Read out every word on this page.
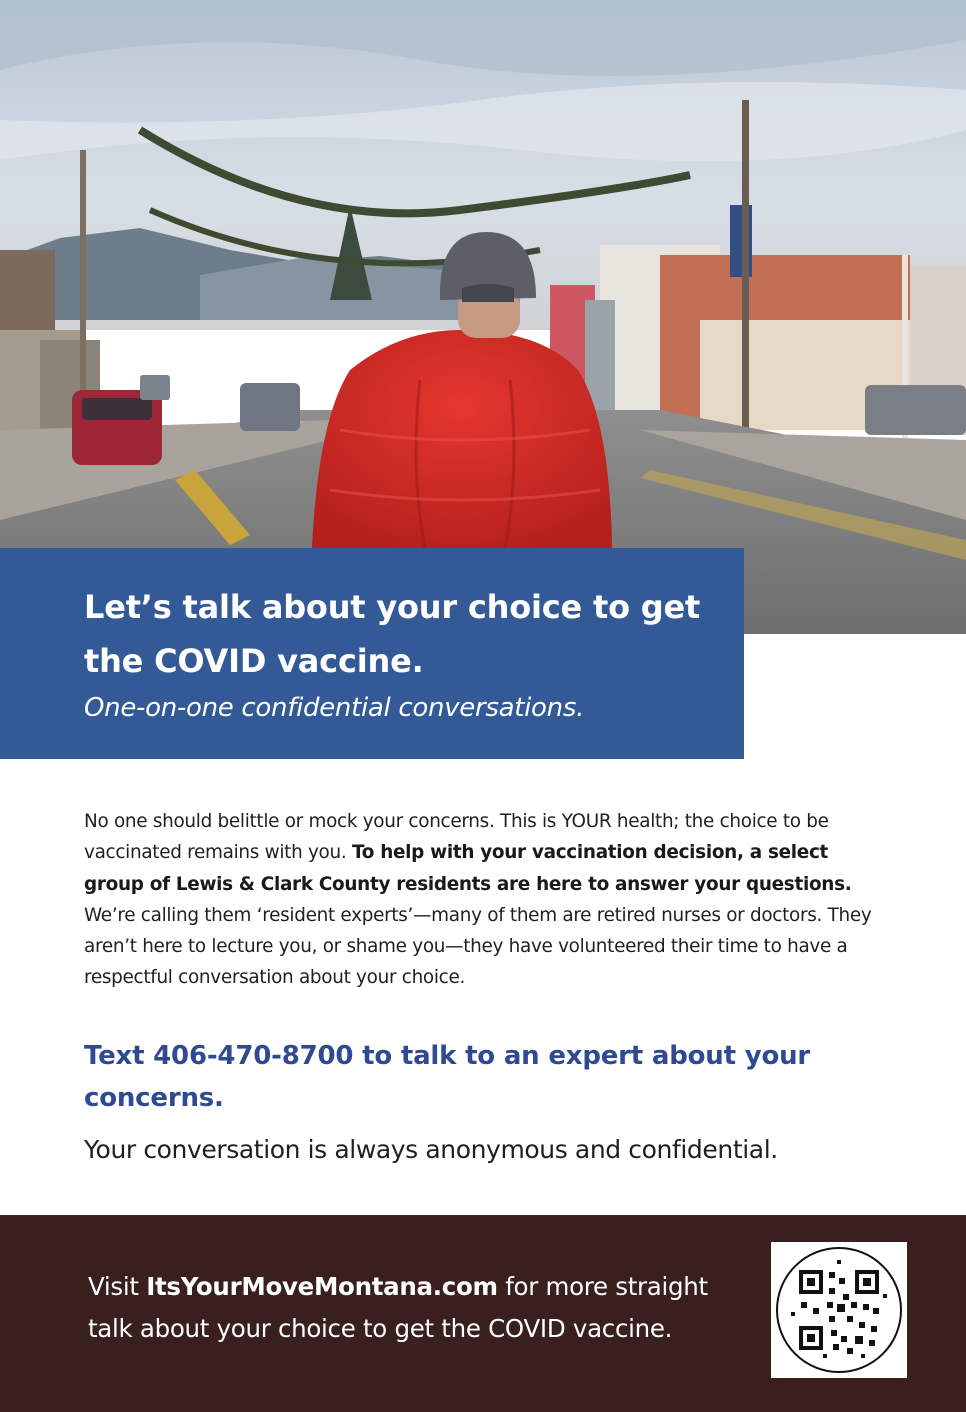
Let’s talk about your choice to get the COVID vaccine.

One-on-one confidential conversations.

No one should belittle or mock your concerns. This is YOUR health; the choice to be vaccinated remains with you. To help with your vaccination decision, a select group of Lewis & Clark County residents are here to answer your questions. We’re calling them ‘resident experts’—many of them are retired nurses or doctors. They aren’t here to lecture you, or shame you—they have volunteered their time to have a respectful conversation about your choice.

Text 406-470-8700 to talk to an expert about your concerns.

Your conversation is always anonymous and confidential.

Visit ItsYourMoveMontana.com for more straight talk about your choice to get the COVID vaccine.
